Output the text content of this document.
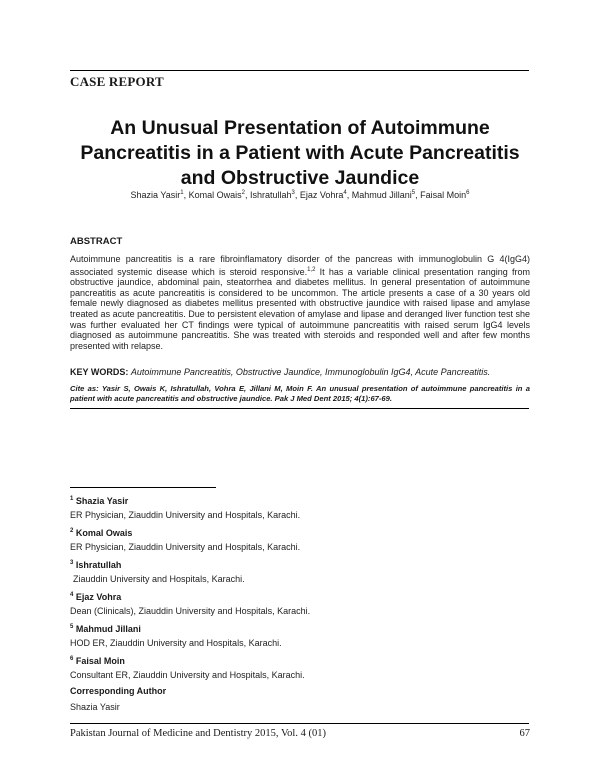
CASE REPORT
An Unusual Presentation of Autoimmune
Pancreatitis in a Patient with Acute Pancreatitis
and Obstructive Jaundice
Shazia Yasir$^1$, Komal Owais$^2$, Ishratullah$^3$, Ejaz Vohra$^4$, Mahmud Jillani$^5$, Faisal Moin$^6$
ABSTRACT
Autoimmune pancreatitis is a rare fibroinflamatory disorder of the pancreas with immunoglobulin G 4(IgG4) associated systemic disease which is steroid responsive.$^{1,2}$ It has a variable clinical presentation ranging from obstructive jaundice, abdominal pain, steatorrhea and diabetes mellitus. In general presentation of autoimmune pancreatitis as acute pancreatitis is considered to be uncommon. The article presents a case of a 30 years old female newly diagnosed as diabetes mellitus presented with obstructive jaundice with raised lipase and amylase treated as acute pancreatitis. Due to persistent elevation of amylase and lipase and deranged liver function test she was further evaluated her CT findings were typical of autoimmune pancreatitis with raised serum IgG4 levels diagnosed as autoimmune pancreatitis. She was treated with steroids and responded well and after few months presented with relapse.
KEY WORDS: Autoimmune Pancreatitis, Obstructive Jaundice, Immunoglobulin IgG4, Acute Pancreatitis.
Cite as: Yasir S, Owais K, Ishratullah, Vohra E, Jillani M, Moin F. An unusual presentation of autoimmune pancreatitis in a patient with acute pancreatitis and obstructive jaundice. Pak J Med Dent 2015; 4(1):67-69.
$^1$ Shazia Yasir
ER Physician, Ziauddin University and Hospitals, Karachi.
$^2$ Komal Owais
ER Physician, Ziauddin University and Hospitals, Karachi.
$^3$ Ishratullah
Ziauddin University and Hospitals, Karachi.
$^4$ Ejaz Vohra
Dean (Clinicals), Ziauddin University and Hospitals, Karachi.
$^5$ Mahmud Jillani
HOD ER, Ziauddin University and Hospitals, Karachi.
$^6$ Faisal Moin
Consultant ER, Ziauddin University and Hospitals, Karachi.
Corresponding Author
Shazia Yasir
Pakistan Journal of Medicine and Dentistry 2015, Vol. 4 (01)	67
